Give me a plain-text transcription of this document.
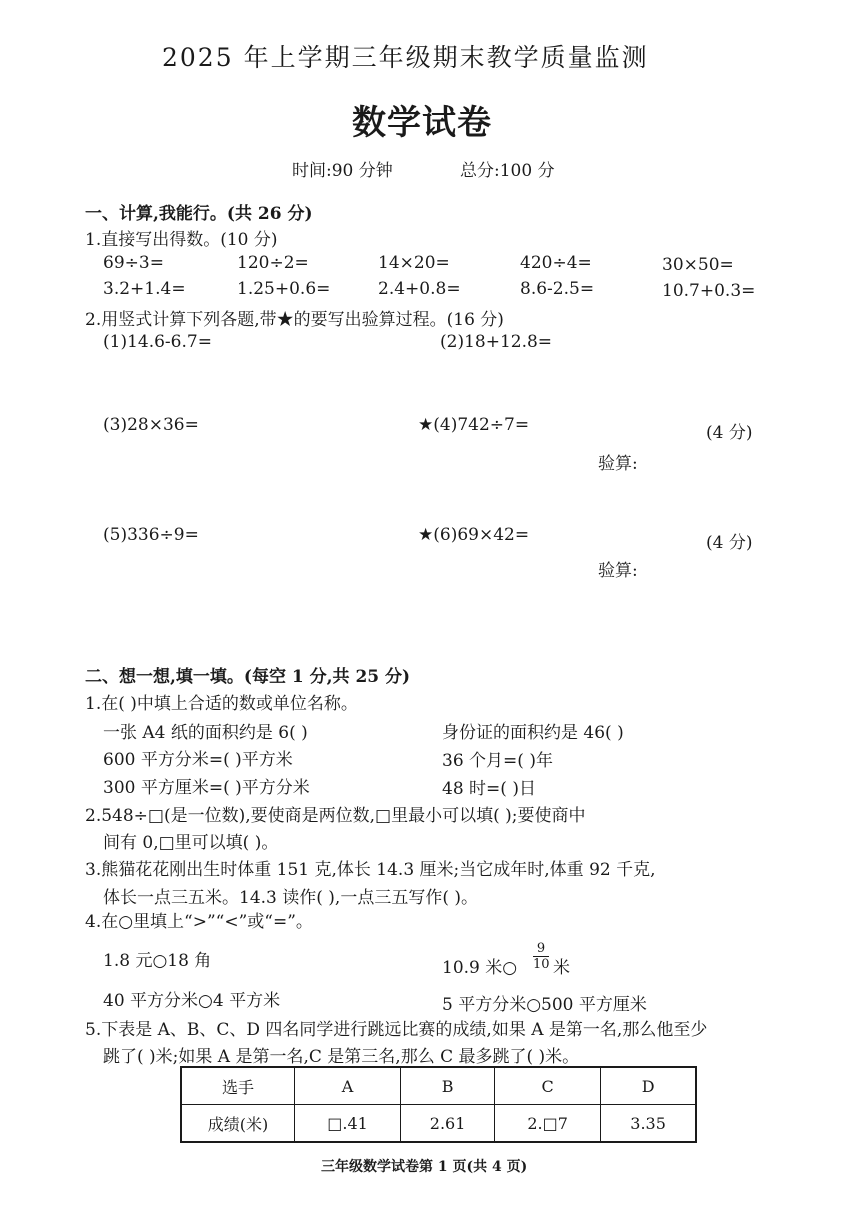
2025 年上学期三年级期末教学质量监测
数学试卷
时间:90 分钟	总分:100 分
一、计算,我能行。(共 26 分)
1.直接写出得数。(10 分)
69÷3=	120÷2=	14×20=	420÷4=	30×50=
3.2+1.4=	1.25+0.6=	2.4+0.8=	8.6-2.5=	10.7+0.3=
2.用竖式计算下列各题,带★的要写出验算过程。(16 分)
(1)14.6-6.7=	(2)18+12.8=
(3)28×36=	★(4)742÷7=	(4 分)
验算:
(5)336÷9=	★(6)69×42=	(4 分)
验算:
二、想一想,填一填。(每空 1 分,共 25 分)
1.在( )中填上合适的数或单位名称。
一张 A4 纸的面积约是 6( )	身份证的面积约是 46( )
600 平方分米=( )平方米	36 个月=( )年
300 平方厘米=( )平方分米	48 时=( )日
2.548÷□(是一位数),要使商是两位数,□里最小可以填( );要使商中
间有 0,□里可以填( )。
3.熊猫花花刚出生时体重 151 克,体长 14.3 厘米;当它成年时,体重 92 千克,
体长一点三五米。14.3 读作( ),一点三五写作( )。
4.在○里填上“>”“<”或“=”。
1.8 元○18 角	10.9 米○ $\frac{9}{10}$ 米
40 平方分米○4 平方米	5 平方分米○500 平方厘米
5.下表是 A、B、C、D 四名同学进行跳远比赛的成绩,如果 A 是第一名,那么他至少
跳了( )米;如果 A 是第一名,C 是第三名,那么 C 最多跳了( )米。
选手	A	B	C	D
成绩(米)	□.41	2.61	2.□7	3.35
三年级数学试卷第 1 页(共 4 页)
